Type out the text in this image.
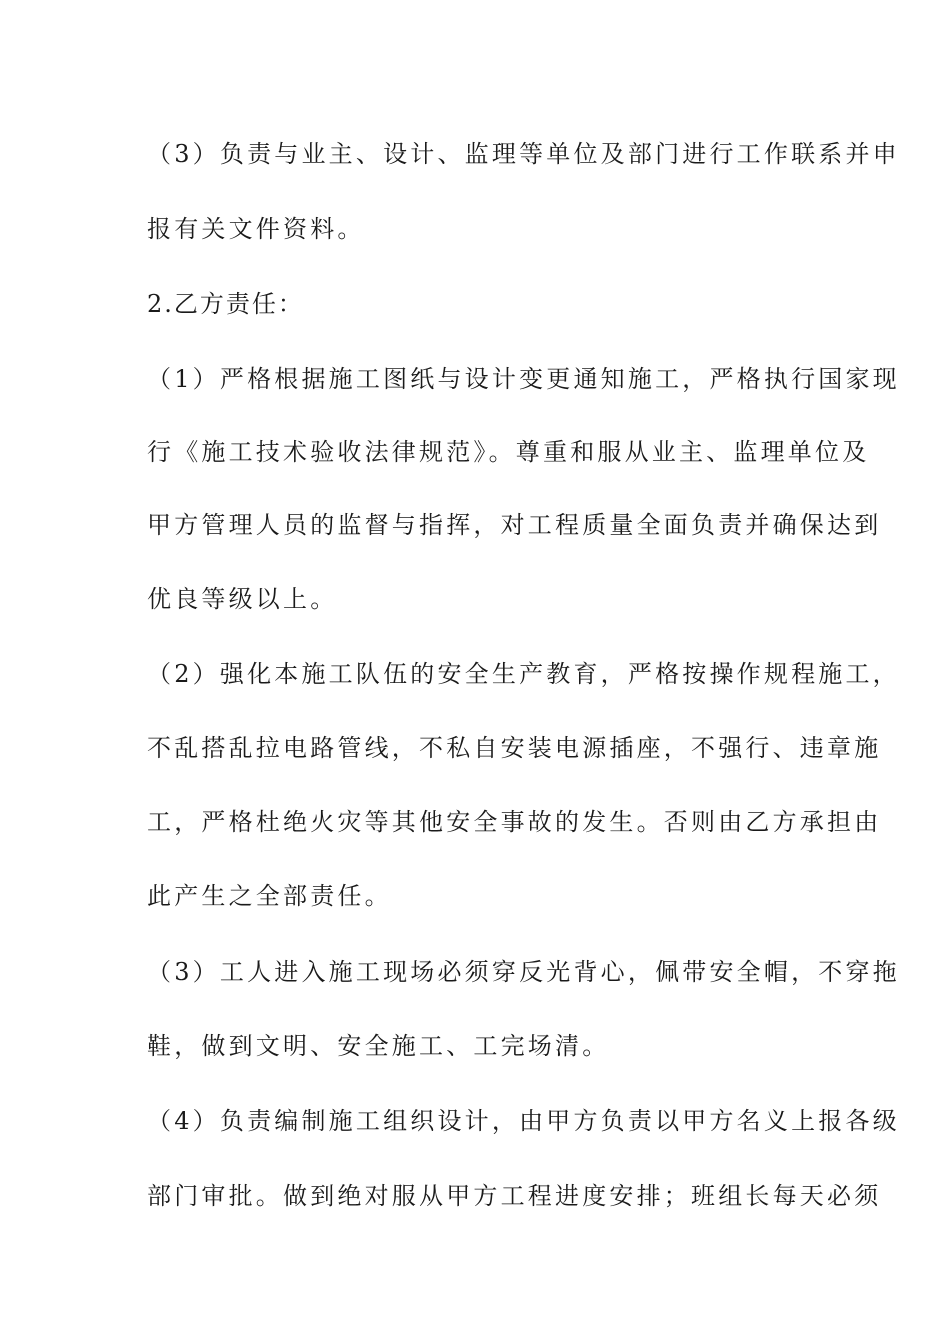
（3）负责与业主、设计、监理等单位及部门进行工作联系并申
报有关文件资料。
2.乙方责任：
（1）严格根据施工图纸与设计变更通知施工，严格执行国家现
行《施工技术验收法律规范》。尊重和服从业主、监理单位及
甲方管理人员的监督与指挥，对工程质量全面负责并确保达到
优良等级以上。
（2）强化本施工队伍的安全生产教育，严格按操作规程施工，
不乱搭乱拉电路管线，不私自安装电源插座，不强行、违章施
工，严格杜绝火灾等其他安全事故的发生。否则由乙方承担由
此产生之全部责任。
（3）工人进入施工现场必须穿反光背心，佩带安全帽，不穿拖
鞋，做到文明、安全施工、工完场清。
（4）负责编制施工组织设计，由甲方负责以甲方名义上报各级
部门审批。做到绝对服从甲方工程进度安排；班组长每天必须
